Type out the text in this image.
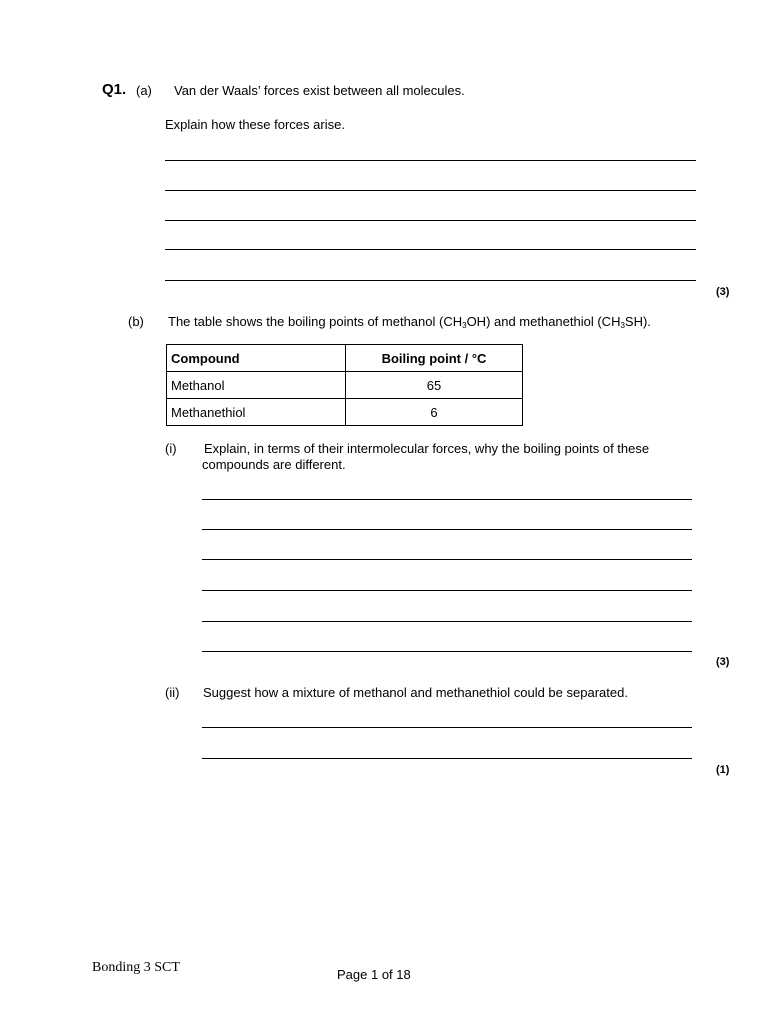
Q1. (a) Van der Waals’ forces exist between all molecules.
Explain how these forces arise.
(3)
(b) The table shows the boiling points of methanol $(CH_3OH)$ and methanethiol $(CH_3SH)$.
Compound	Boiling point / °C
Methanol	65
Methanethiol	6
(i) Explain, in terms of their intermolecular forces, why the boiling points of these
compounds are different.
(3)
(ii) Suggest how a mixture of methanol and methanethiol could be separated.
(1)
Bonding 3 SCT	Page 1 of 18
